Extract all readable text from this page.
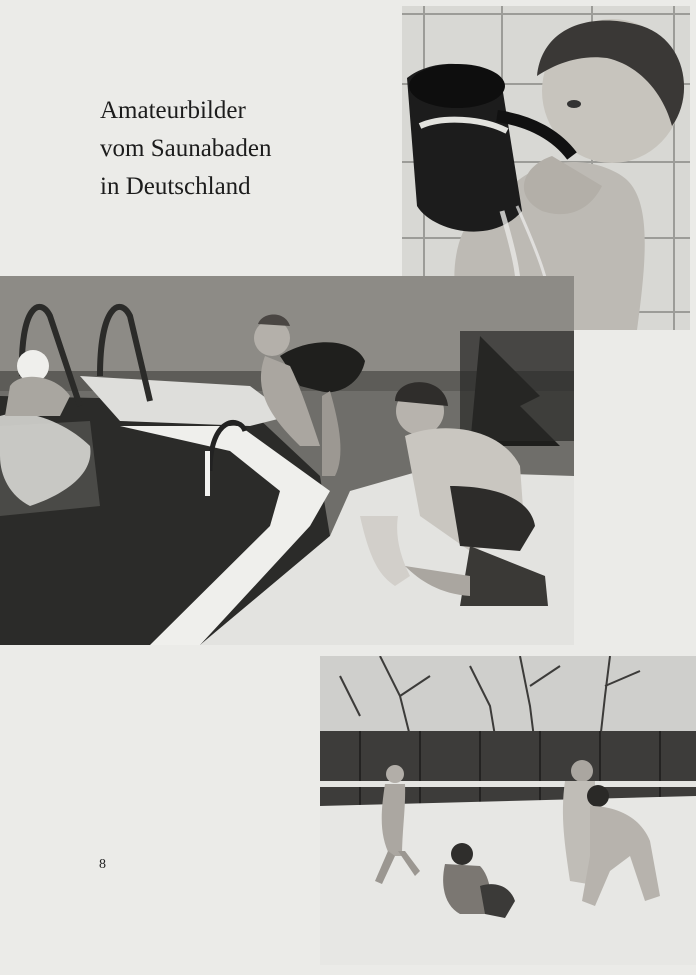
Amateurbilder
vom Saunabaden
in Deutschland
8
